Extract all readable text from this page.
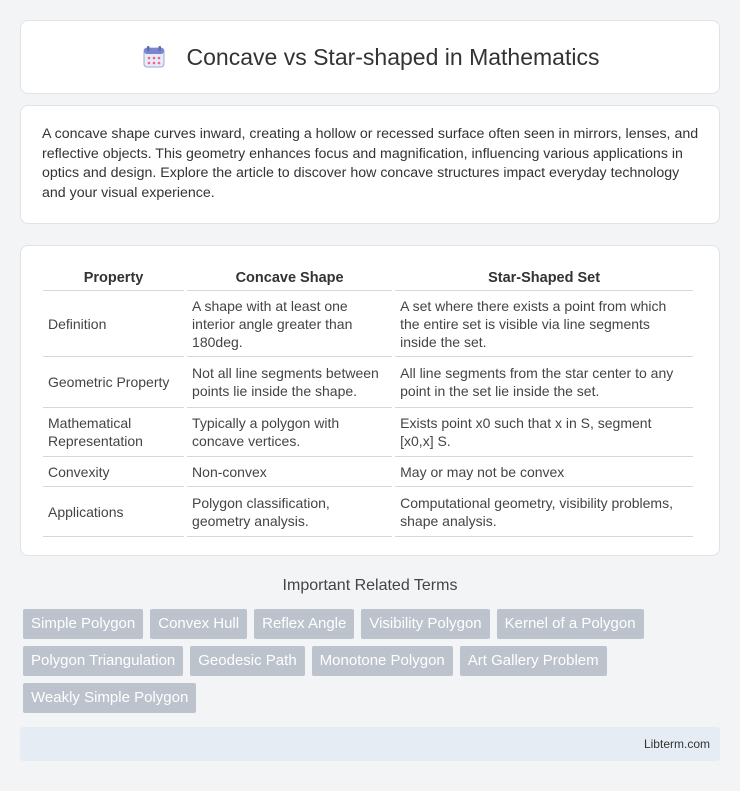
Concave vs Star-shaped in Mathematics

A concave shape curves inward, creating a hollow or recessed surface often seen in mirrors, lenses, and reflective objects. This geometry enhances focus and magnification, influencing various applications in optics and design. Explore the article to discover how concave structures impact everyday technology and your visual experience.

Property	Concave Shape	Star-Shaped Set
Definition	A shape with at least one interior angle greater than 180deg.	A set where there exists a point from which the entire set is visible via line segments inside the set.
Geometric Property	Not all line segments between points lie inside the shape.	All line segments from the star center to any point in the set lie inside the set.
Mathematical Representation	Typically a polygon with concave vertices.	Exists point x0 such that x in S, segment [x0,x] S.
Convexity	Non-convex	May or may not be convex
Applications	Polygon classification, geometry analysis.	Computational geometry, visibility problems, shape analysis.
Important Related Terms
Simple Polygon	Convex Hull	Reflex Angle	Visibility Polygon	Kernel of a Polygon
Polygon Triangulation	Geodesic Path	Monotone Polygon	Art Gallery Problem
Weakly Simple Polygon
Libterm.com
